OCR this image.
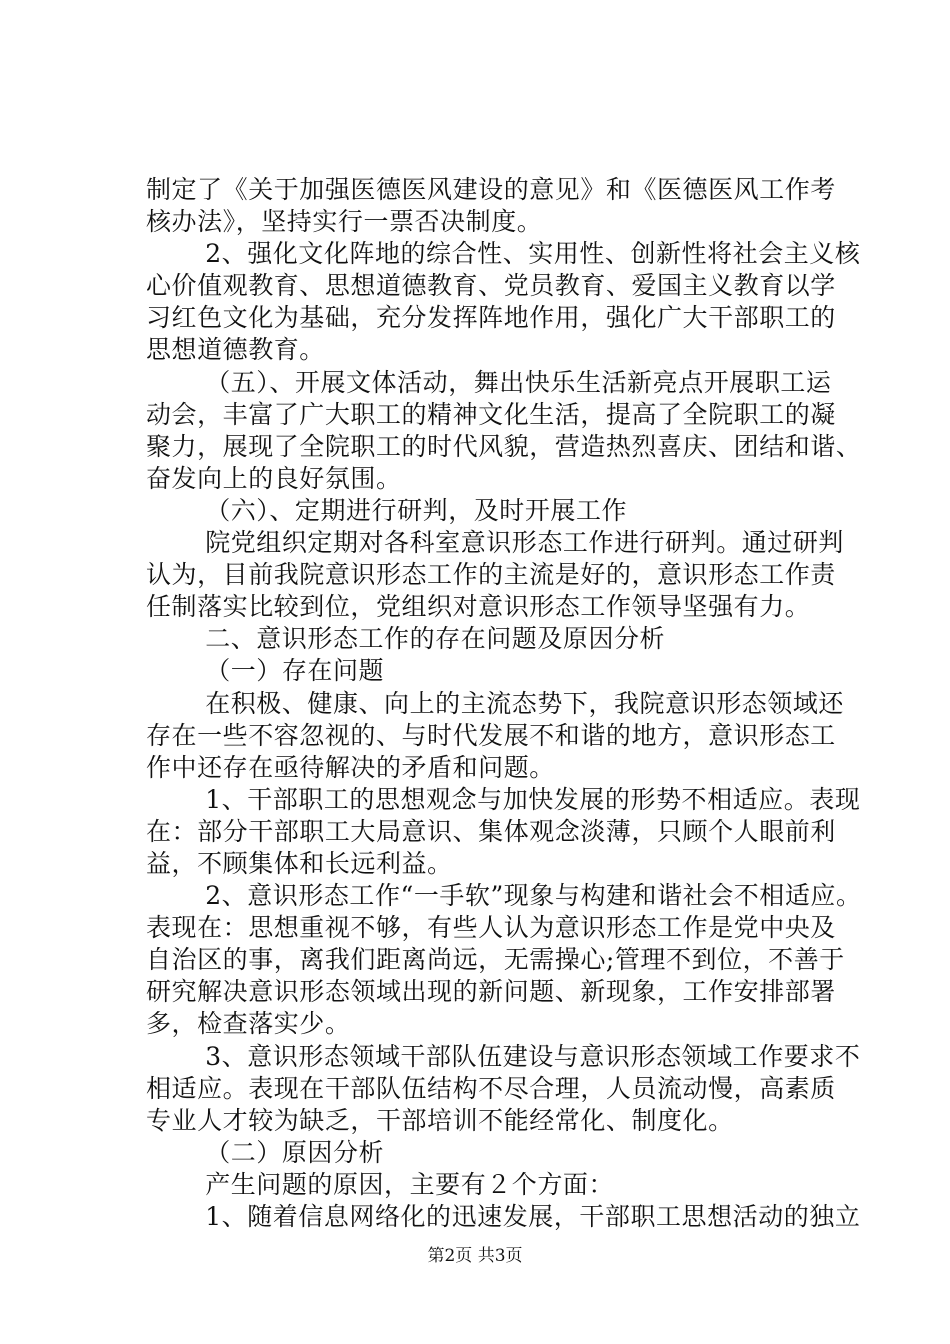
制定了《关于加强医德医风建设的意见》和《医德医风工作考
核办法》，坚持实行一票否决制度。
2、强化文化阵地的综合性、实用性、创新性将社会主义核
心价值观教育、思想道德教育、党员教育、爱国主义教育以学
习红色文化为基础，充分发挥阵地作用，强化广大干部职工的
思想道德教育。
（五）、开展文体活动，舞出快乐生活新亮点开展职工运
动会，丰富了广大职工的精神文化生活，提高了全院职工的凝
聚力，展现了全院职工的时代风貌，营造热烈喜庆、团结和谐、
奋发向上的良好氛围。
（六）、定期进行研判，及时开展工作
院党组织定期对各科室意识形态工作进行研判。通过研判
认为，目前我院意识形态工作的主流是好的，意识形态工作责
任制落实比较到位，党组织对意识形态工作领导坚强有力。
二、意识形态工作的存在问题及原因分析
（一）存在问题
在积极、健康、向上的主流态势下，我院意识形态领域还
存在一些不容忽视的、与时代发展不和谐的地方，意识形态工
作中还存在亟待解决的矛盾和问题。
1、干部职工的思想观念与加快发展的形势不相适应。表现
在：部分干部职工大局意识、集体观念淡薄，只顾个人眼前利
益，不顾集体和长远利益。
2、意识形态工作“一手软”现象与构建和谐社会不相适应。
表现在：思想重视不够，有些人认为意识形态工作是党中央及
自治区的事，离我们距离尚远，无需操心;管理不到位，不善于
研究解决意识形态领域出现的新问题、新现象，工作安排部署
多，检查落实少。
3、意识形态领域干部队伍建设与意识形态领域工作要求不
相适应。表现在干部队伍结构不尽合理，人员流动慢，高素质
专业人才较为缺乏，干部培训不能经常化、制度化。
（二）原因分析
产生问题的原因，主要有２个方面：
1、随着信息网络化的迅速发展，干部职工思想活动的独立
第2页 共3页
